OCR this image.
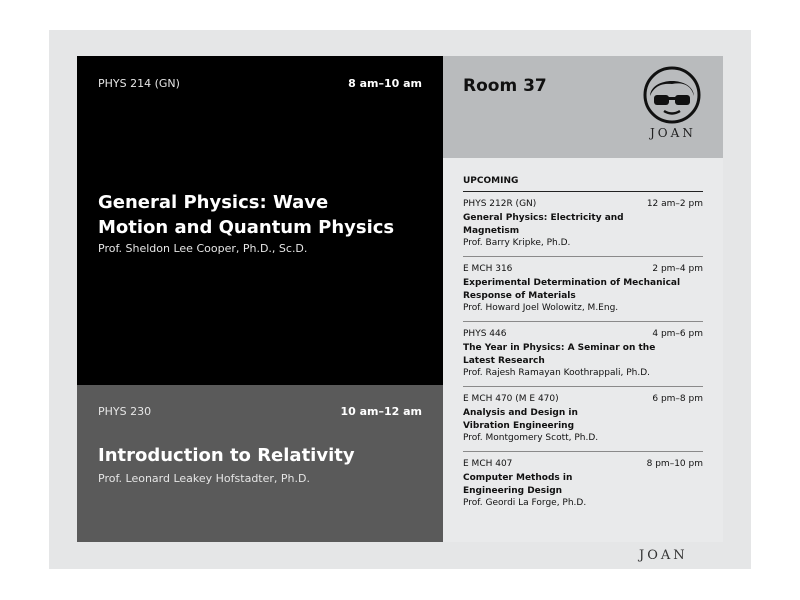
PHYS 214 (GN)	8 am–10 am
General Physics: Wave Motion and Quantum Physics
Prof. Sheldon Lee Cooper, Ph.D., Sc.D.
PHYS 230	10 am–12 am
Introduction to Relativity
Prof. Leonard Leakey Hofstadter, Ph.D.
Room 37
JOAN
UPCOMING
PHYS 212R (GN)	12 am–2 pm
General Physics: Electricity and Magnetism
Prof. Barry Kripke, Ph.D.
E MCH 316	2 pm–4 pm
Experimental Determination of Mechanical Response of Materials
Prof. Howard Joel Wolowitz, M.Eng.
PHYS 446	4 pm–6 pm
The Year in Physics: A Seminar on the Latest Research
Prof. Rajesh Ramayan Koothrappali, Ph.D.
E MCH 470 (M E 470)	6 pm–8 pm
Analysis and Design in Vibration Engineering
Prof. Montgomery Scott, Ph.D.
E MCH 407	8 pm–10 pm
Computer Methods in Engineering Design
Prof. Geordi La Forge, Ph.D.
JOAN
